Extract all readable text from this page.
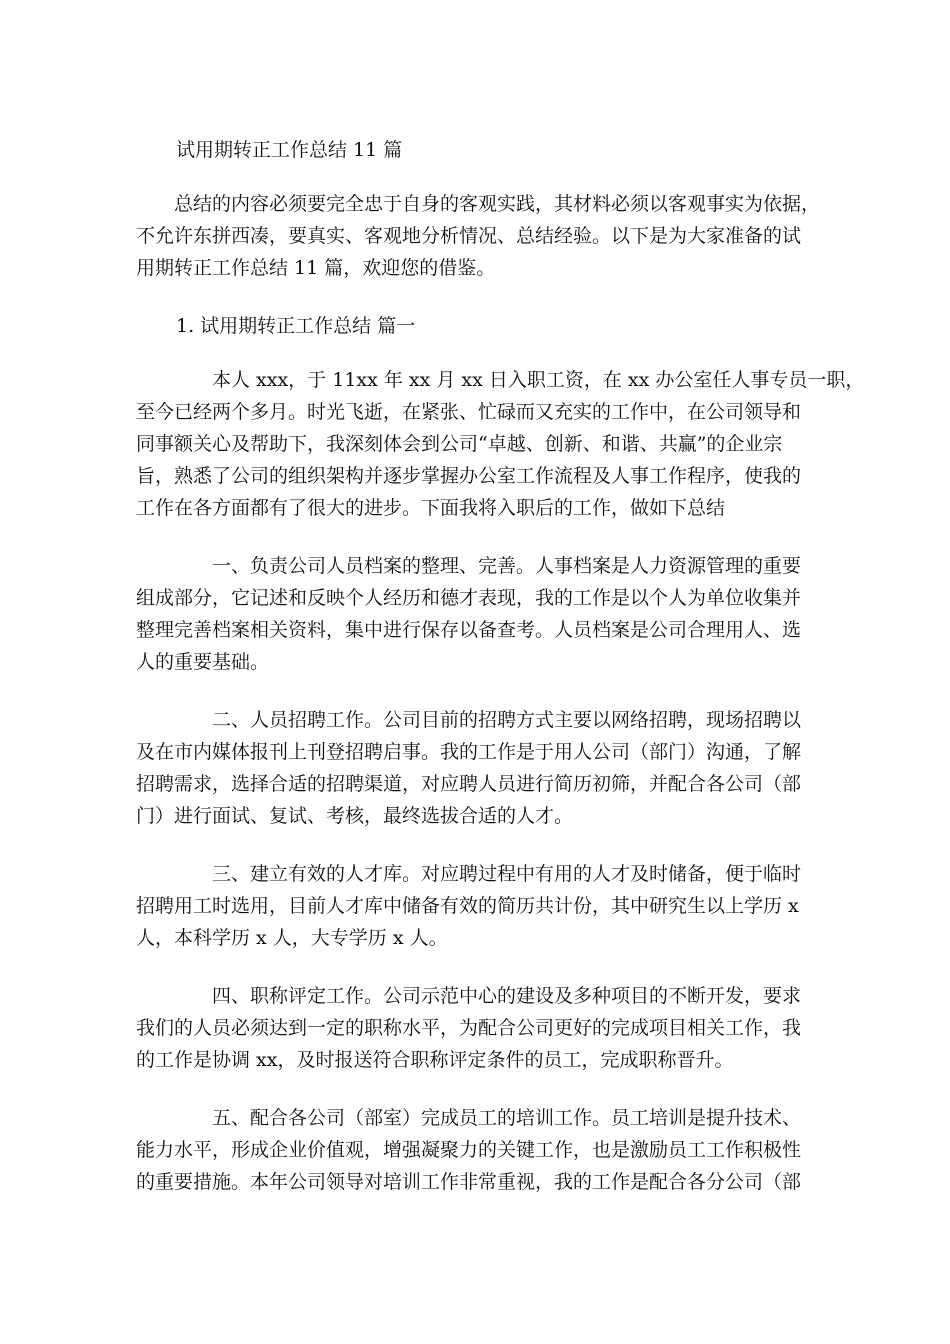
试用期转正工作总结 11 篇

　　总结的内容必须要完全忠于自身的客观实践，其材料必须以客观事实为依据，
不允许东拼西凑，要真实、客观地分析情况、总结经验。以下是为大家准备的试
用期转正工作总结 11 篇，欢迎您的借鉴。

1. 试用期转正工作总结 篇一

　　　　本人 xxx，于 11xx 年 xx 月 xx 日入职工资，在 xx 办公室任人事专员一职，
至今已经两个多月。时光飞逝，在紧张、忙碌而又充实的工作中，在公司领导和
同事额关心及帮助下，我深刻体会到公司“卓越、创新、和谐、共赢”的企业宗
旨，熟悉了公司的组织架构并逐步掌握办公室工作流程及人事工作程序，使我的
工作在各方面都有了很大的进步。下面我将入职后的工作，做如下总结

　　　　一、负责公司人员档案的整理、完善。人事档案是人力资源管理的重要
组成部分，它记述和反映个人经历和德才表现，我的工作是以个人为单位收集并
整理完善档案相关资料，集中进行保存以备查考。人员档案是公司合理用人、选
人的重要基础。

　　　　二、人员招聘工作。公司目前的招聘方式主要以网络招聘，现场招聘以
及在市内媒体报刊上刊登招聘启事。我的工作是于用人公司（部门）沟通，了解
招聘需求，选择合适的招聘渠道，对应聘人员进行简历初筛，并配合各公司（部
门）进行面试、复试、考核，最终选拔合适的人才。

　　　　三、建立有效的人才库。对应聘过程中有用的人才及时储备，便于临时
招聘用工时选用，目前人才库中储备有效的简历共计份，其中研究生以上学历 x
人，本科学历 x 人，大专学历 x 人。

　　　　四、职称评定工作。公司示范中心的建设及多种项目的不断开发，要求
我们的人员必须达到一定的职称水平，为配合公司更好的完成项目相关工作，我
的工作是协调 xx，及时报送符合职称评定条件的员工，完成职称晋升。

　　　　五、配合各公司（部室）完成员工的培训工作。员工培训是提升技术、
能力水平，形成企业价值观，增强凝聚力的关键工作，也是激励员工工作积极性
的重要措施。本年公司领导对培训工作非常重视，我的工作是配合各分公司（部
